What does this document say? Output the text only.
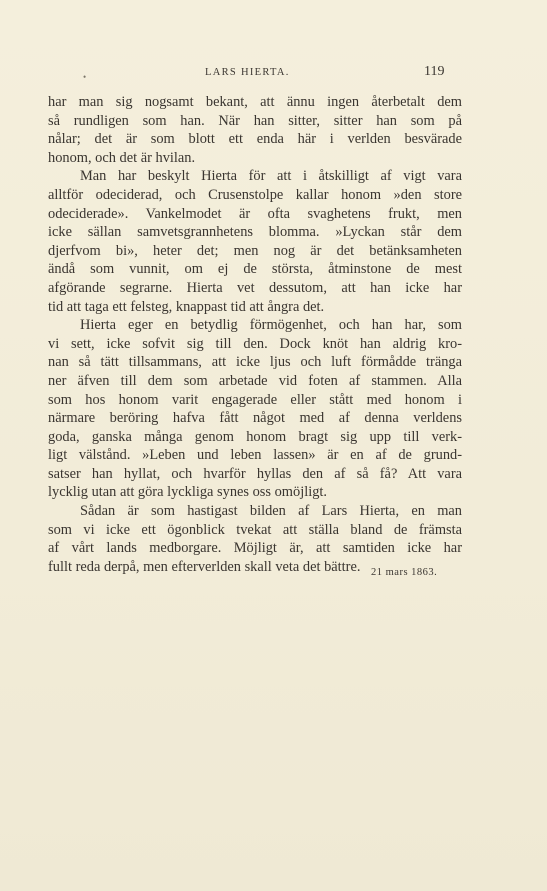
•	LARS HIERTA.	119
har man sig nogsamt bekant, att ännu ingen återbetalt dem
så rundligen som han. När han sitter, sitter han som på
nålar; det är som blott ett enda här i verlden besvärade
honom, och det är hvilan.
Man har beskylt Hierta för att i åtskilligt af vigt vara
alltför odeciderad, och Crusenstolpe kallar honom »den store
odeciderade». Vankelmodet är ofta svaghetens frukt, men
icke sällan samvetsgrannhetens blomma. »Lyckan står dem
djerfvom bi», heter det; men nog är det betänksamheten
ändå som vunnit, om ej de största, åtminstone de mest
afgörande segrarne. Hierta vet dessutom, att han icke har
tid att taga ett felsteg, knappast tid att ångra det.
Hierta eger en betydlig förmögenhet, och han har, som
vi sett, icke sofvit sig till den. Dock knöt han aldrig kro-
nan så tätt tillsammans, att icke ljus och luft förmådde tränga
ner äfven till dem som arbetade vid foten af stammen. Alla
som hos honom varit engagerade eller stått med honom i
närmare beröring hafva fått något med af denna verldens
goda, ganska många genom honom bragt sig upp till verk-
ligt välstånd. »Leben und leben lassen» är en af de grund-
satser han hyllat, och hvarför hyllas den af så få? Att vara
lycklig utan att göra lyckliga synes oss omöjligt.
Sådan är som hastigast bilden af Lars Hierta, en man
som vi icke ett ögonblick tvekat att ställa bland de främsta
af vårt lands medborgare. Möjligt är, att samtiden icke har
fullt reda derpå, men efterverlden skall veta det bättre.	21 mars 1863.
